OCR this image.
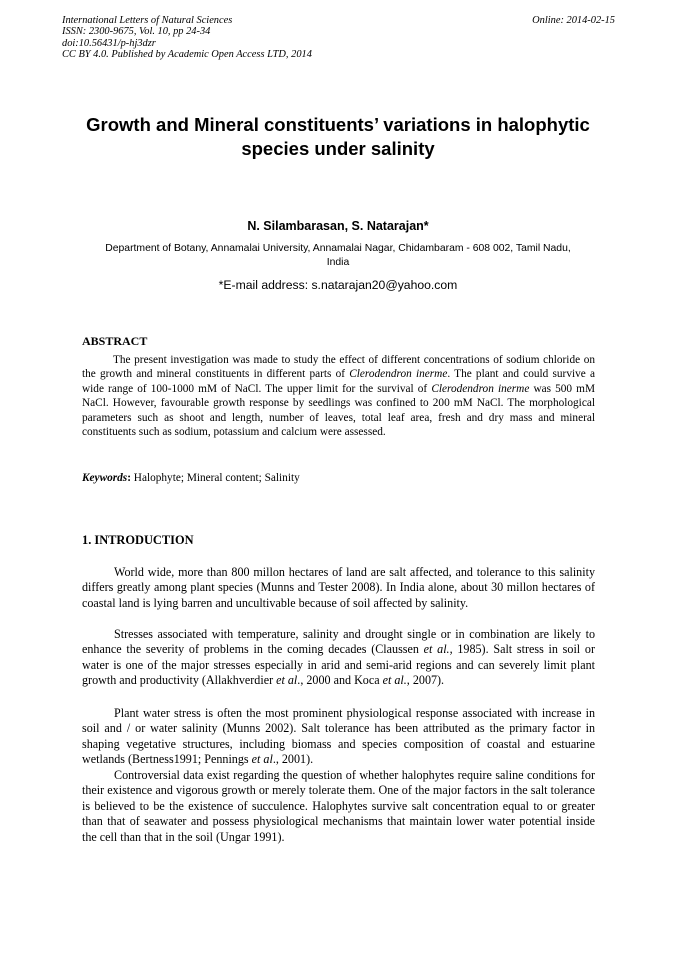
International Letters of Natural Sciences
ISSN: 2300-9675, Vol. 10, pp 24-34
doi:10.56431/p-hj3dzr
CC BY 4.0. Published by Academic Open Access LTD, 2014
Online: 2014-02-15
Growth and Mineral constituents’ variations in halophytic species under salinity
N. Silambarasan, S. Natarajan*
Department of Botany, Annamalai University, Annamalai Nagar, Chidambaram - 608 002, Tamil Nadu, India
*E-mail address: s.natarajan20@yahoo.com
ABSTRACT
The present investigation was made to study the effect of different concentrations of sodium chloride on the growth and mineral constituents in different parts of Clerodendron inerme. The plant and could survive a wide range of 100-1000 mM of NaCl. The upper limit for the survival of Clerodendron inerme was 500 mM NaCl. However, favourable growth response by seedlings was confined to 200 mM NaCl. The morphological parameters such as shoot and length, number of leaves, total leaf area, fresh and dry mass and mineral constituents such as sodium, potassium and calcium were assessed.
Keywords: Halophyte; Mineral content; Salinity
1. INTRODUCTION
World wide, more than 800 millon hectares of land are salt affected, and tolerance to this salinity differs greatly among plant species (Munns and Tester 2008). In India alone, about 30 millon hectares of coastal land is lying barren and uncultivable because of soil affected by salinity.
Stresses associated with temperature, salinity and drought single or in combination are likely to enhance the severity of problems in the coming decades (Claussen et al., 1985). Salt stress in soil or water is one of the major stresses especially in arid and semi-arid regions and can severely limit plant growth and productivity (Allakhverdier et al., 2000 and Koca et al., 2007).
Plant water stress is often the most prominent physiological response associated with increase in soil and / or water salinity (Munns 2002). Salt tolerance has been attributed as the primary factor in shaping vegetative structures, including biomass and species composition of coastal and estuarine wetlands (Bertness1991; Pennings et al., 2001).
Controversial data exist regarding the question of whether halophytes require saline conditions for their existence and vigorous growth or merely tolerate them. One of the major factors in the salt tolerance is believed to be the existence of succulence. Halophytes survive salt concentration equal to or greater than that of seawater and possess physiological mechanisms that maintain lower water potential inside the cell than that in the soil (Ungar 1991).
